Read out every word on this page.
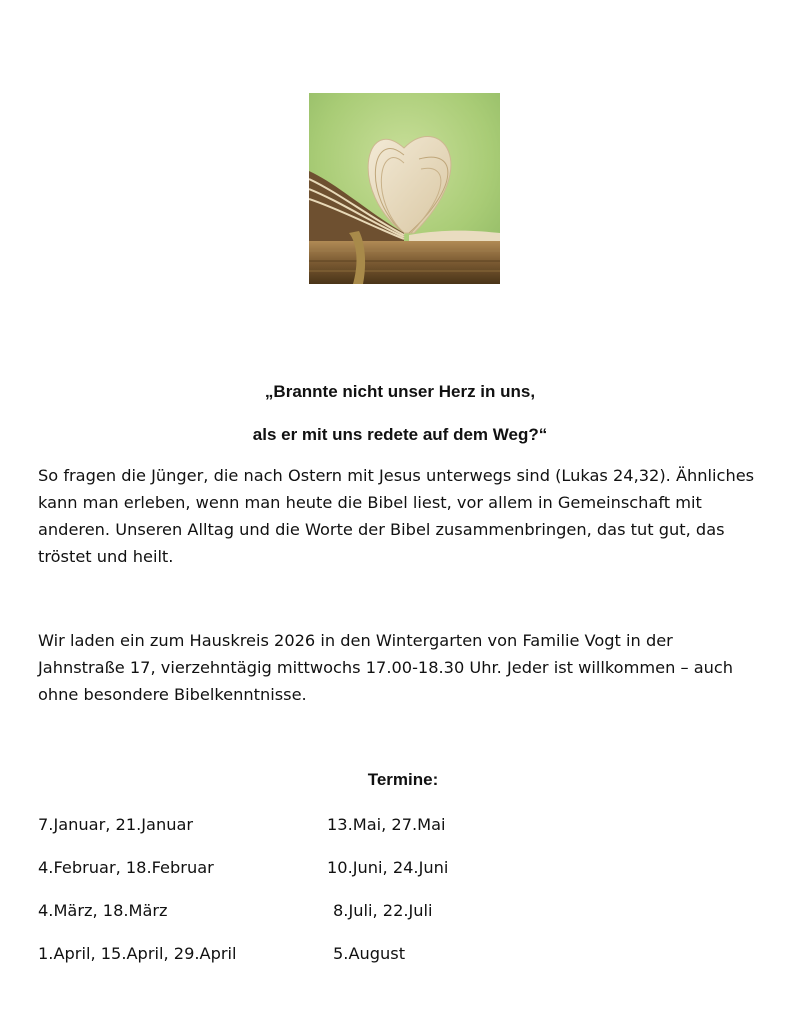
„Brannte nicht unser Herz in uns,

als er mit uns redete auf dem Weg?“

So fragen die Jünger, die nach Ostern mit Jesus unterwegs sind (Lukas 24,32). Ähnliches kann man erleben, wenn man heute die Bibel liest, vor allem in Gemeinschaft mit anderen. Unseren Alltag und die Worte der Bibel zusammenbringen, das tut gut, das tröstet und heilt.

Wir laden ein zum Hauskreis 2026 in den Wintergarten von Familie Vogt in der Jahnstraße 17, vierzehntägig mittwochs 17.00-18.30 Uhr. Jeder ist willkommen – auch ohne besondere Bibelkenntnisse.

Termine:

7.Januar, 21.Januar
4.Februar, 18.Februar
4.März, 18.März
1.April, 15.April, 29.April
13.Mai, 27.Mai
10.Juni, 24.Juni
8.Juli, 22.Juli
5.August
